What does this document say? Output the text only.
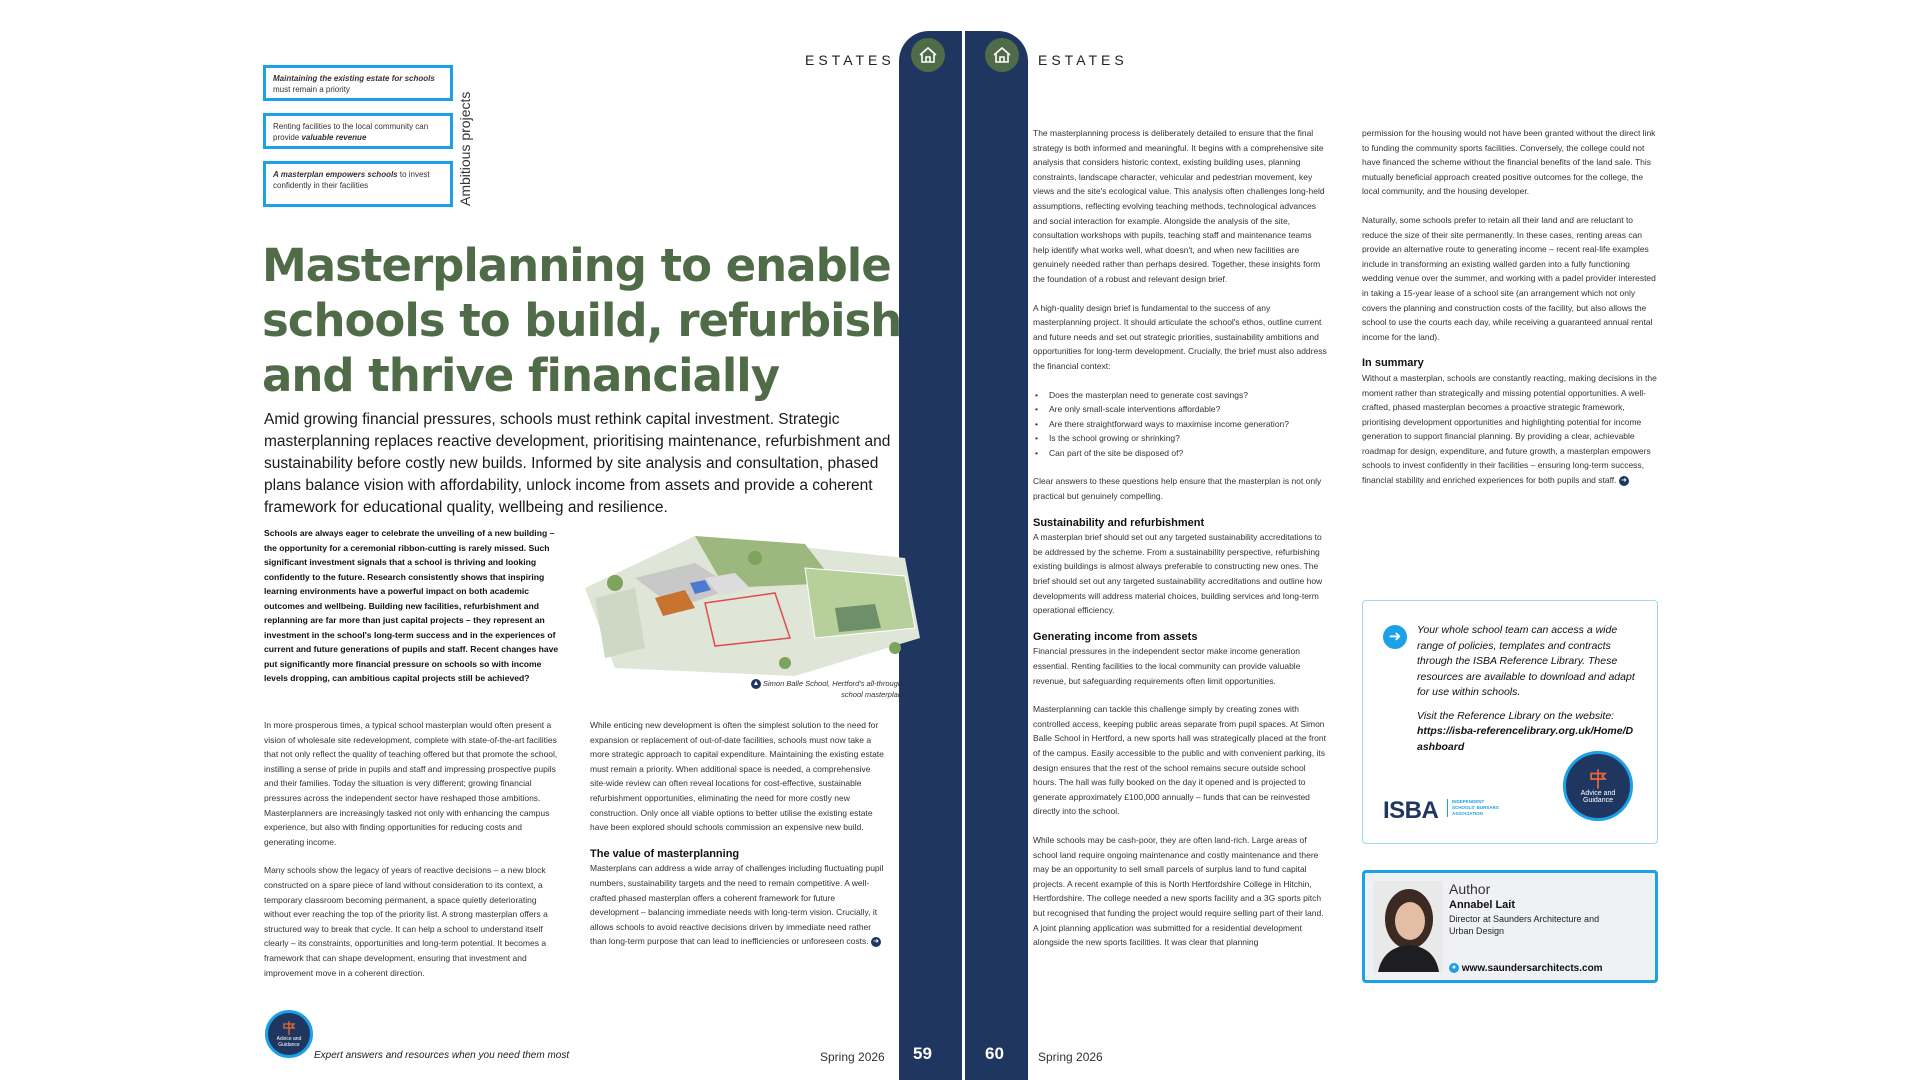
ESTATES	ESTATES
Maintaining the existing estate for schools must remain a priority
Renting facilities to the local community can provide valuable revenue
A masterplan empowers schools to invest confidently in their facilities	Ambitious projects
Masterplanning to enable schools to build, refurbish and thrive financially
Amid growing financial pressures, schools must rethink capital investment. Strategic masterplanning replaces reactive development, prioritising maintenance, refurbishment and sustainability before costly new builds. Informed by site analysis and consultation, phased plans balance vision with affordability, unlock income from assets and provide a coherent framework for educational quality, wellbeing and resilience.
Schools are always eager to celebrate the unveiling of a new building – the opportunity for a ceremonial ribbon-cutting is rarely missed. Such significant investment signals that a school is thriving and looking confidently to the future. Research consistently shows that inspiring learning environments have a powerful impact on both academic outcomes and wellbeing. Building new facilities, refurbishment and replanning are far more than just capital projects – they represent an investment in the school's long-term success and in the experiences of current and future generations of pupils and staff. Recent changes have put significantly more financial pressure on schools so with income levels dropping, can ambitious capital projects still be achieved?
▲ Simon Balle School, Hertford's all-through school masterplan

In more prosperous times, a typical school masterplan would often present a vision of wholesale site redevelopment, complete with state-of-the-art facilities that not only reflect the quality of teaching offered but that promote the school, instilling a sense of pride in pupils and staff and impressing prospective pupils and their families. Today the situation is very different; growing financial pressures across the independent sector have reshaped those ambitions. Masterplanners are increasingly tasked not only with enhancing the campus experience, but also with finding opportunities for reducing costs and generating income.

Many schools show the legacy of years of reactive decisions – a new block constructed on a spare piece of land without consideration to its context, a temporary classroom becoming permanent, a space quietly deteriorating without ever reaching the top of the priority list. A strong masterplan offers a structured way to break that cycle. It can help a school to understand itself clearly – its constraints, opportunities and long-term potential. It becomes a framework that can shape development, ensuring that investment and improvement move in a coherent direction.

While enticing new development is often the simplest solution to the need for expansion or replacement of out-of-date facilities, schools must now take a more strategic approach to capital expenditure. Maintaining the existing estate must remain a priority. When additional space is needed, a comprehensive site-wide review can often reveal locations for cost-effective, sustainable refurbishment opportunities, eliminating the need for more costly new construction. Only once all viable options to better utilise the existing estate have been explored should schools commission an expensive new build.

The value of masterplanning

Masterplans can address a wide array of challenges including fluctuating pupil numbers, sustainability targets and the need to remain competitive. A well-crafted phased masterplan offers a coherent framework for future development – balancing immediate needs with long-term vision. Crucially, it allows schools to avoid reactive decisions driven by immediate need rather than long-term purpose that can lead to inefficiencies or unforeseen costs. ➜

Advice and Guidance
Expert answers and resources when you need them most	Spring 2026 59	60	Spring 2026

The masterplanning process is deliberately detailed to ensure that the final strategy is both informed and meaningful. It begins with a comprehensive site analysis that considers historic context, existing building uses, planning constraints, landscape character, vehicular and pedestrian movement, key views and the site's ecological value. This analysis often challenges long-held assumptions, reflecting evolving teaching methods, technological advances and social interaction for example. Alongside the analysis of the site, consultation workshops with pupils, teaching staff and maintenance teams help identify what works well, what doesn't, and when new facilities are genuinely needed rather than perhaps desired. Together, these insights form the foundation of a robust and relevant design brief.

A high-quality design brief is fundamental to the success of any masterplanning project. It should articulate the school's ethos, outline current and future needs and set out strategic priorities, sustainability ambitions and opportunities for long-term development. Crucially, the brief must also address the financial context:

• Does the masterplan need to generate cost savings?
• Are only small-scale interventions affordable?
• Are there straightforward ways to maximise income generation?
• Is the school growing or shrinking?
• Can part of the site be disposed of?

Clear answers to these questions help ensure that the masterplan is not only practical but genuinely compelling.

Sustainability and refurbishment

A masterplan brief should set out any targeted sustainability accreditations to be addressed by the scheme. From a sustainability perspective, refurbishing existing buildings is almost always preferable to constructing new ones. The brief should set out any targeted sustainability accreditations and outline how developments will address material choices, building services and long-term operational efficiency.

Generating income from assets

Financial pressures in the independent sector make income generation essential. Renting facilities to the local community can provide valuable revenue, but safeguarding requirements often limit opportunities.

Masterplanning can tackle this challenge simply by creating zones with controlled access, keeping public areas separate from pupil spaces. At Simon Balle School in Hertford, a new sports hall was strategically placed at the front of the campus. Easily accessible to the public and with convenient parking, its design ensures that the rest of the school remains secure outside school hours. The hall was fully booked on the day it opened and is projected to generate approximately £100,000 annually – funds that can be reinvested directly into the school.

While schools may be cash-poor, they are often land-rich. Large areas of school land require ongoing maintenance and costly maintenance and there may be an opportunity to sell small parcels of surplus land to fund capital projects. A recent example of this is North Hertfordshire College in Hitchin, Hertfordshire. The college needed a new sports facility and a 3G sports pitch but recognised that funding the project would require selling part of their land. A joint planning application was submitted for a residential development alongside the new sports facilities. It was clear that planning

permission for the housing would not have been granted without the direct link to funding the community sports facilities. Conversely, the college could not have financed the scheme without the financial benefits of the land sale. This mutually beneficial approach created positive outcomes for the college, the local community, and the housing developer.

Naturally, some schools prefer to retain all their land and are reluctant to reduce the size of their site permanently. In these cases, renting areas can provide an alternative route to generating income – recent real-life examples include in transforming an existing walled garden into a fully functioning wedding venue over the summer, and working with a padel provider interested in taking a 15-year lease of a school site (an arrangement which not only covers the planning and construction costs of the facility, but also allows the school to use the courts each day, while receiving a guaranteed annual rental income for the land).

In summary

Without a masterplan, schools are constantly reacting, making decisions in the moment rather than strategically and missing potential opportunities. A well-crafted, phased masterplan becomes a proactive strategic framework, prioritising development opportunities and highlighting potential for income generation to support financial planning. By providing a clear, achievable roadmap for design, expenditure, and future growth, a masterplan empowers schools to invest confidently in their facilities – ensuring long-term success, financial stability and enriched experiences for both pupils and staff. ➜

➜	Your whole school team can access a wide range of policies, templates and contracts through the ISBA Reference Library. These resources are available to download and adapt for use within schools.

Visit the Reference Library on the website:

https://isba-referencelibrary.org.uk/Home/Dashboard

ISBA	INDEPENDENT
SCHOOLS' BURSARS
ASSOCIATION
Advice and Guidance
Author
Annabel Lait
Director at Saunders Architecture and Urban Design
● www.saundersarchitects.com
